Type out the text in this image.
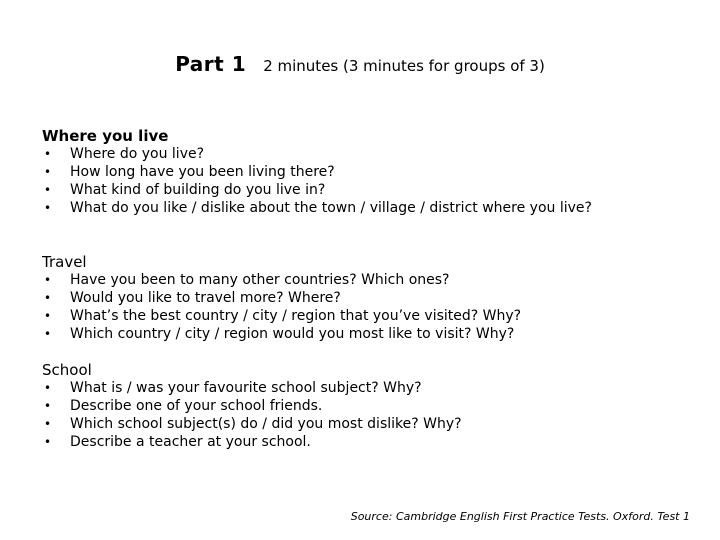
Part 1 2 minutes (3 minutes for groups of 3)
Where you live
• Where do you live?
• How long have you been living there?
• What kind of building do you live in?
• What do you like / dislike about the town / village / district where you live?
Travel
• Have you been to many other countries? Which ones?
• Would you like to travel more? Where?
• What’s the best country / city / region that you’ve visited? Why?
• Which country / city / region would you most like to visit? Why?
School
• What is / was your favourite school subject? Why?
• Describe one of your school friends.
• Which school subject(s) do / did you most dislike? Why?
• Describe a teacher at your school.
Source: Cambridge English First Practice Tests. Oxford. Test 1
